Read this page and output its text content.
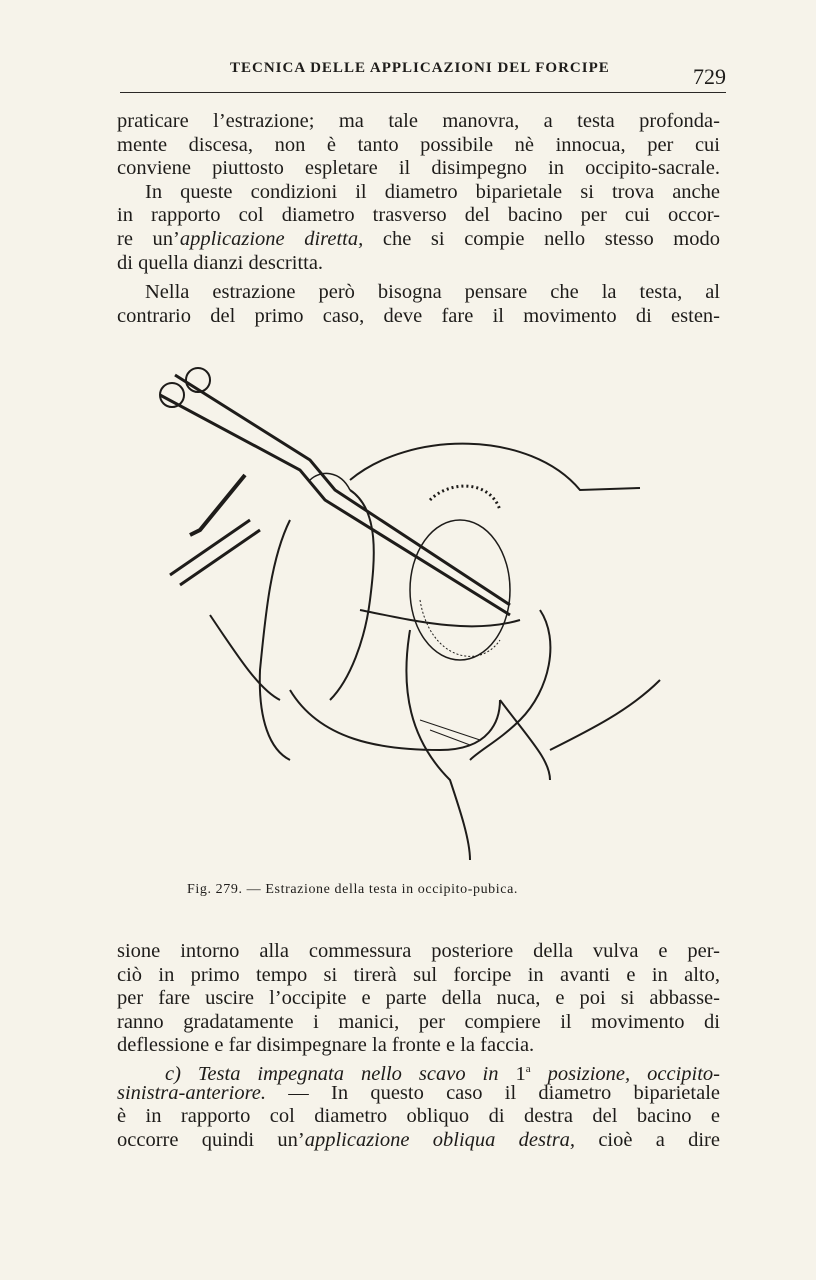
TECNICA DELLE APPLICAZIONI DEL FORCIPE	729
praticare l’estrazione; ma tale manovra, a testa profonda-
mente discesa, non è tanto possibile nè innocua, per cui
conviene piuttosto espletare il disimpegno in occipito-sacrale.
In queste condizioni il diametro biparietale si trova anche
in rapporto col diametro trasverso del bacino per cui occor-
re un’applicazione diretta, che si compie nello stesso modo
di quella dianzi descritta.
Nella estrazione però bisogna pensare che la testa, al
contrario del primo caso, deve fare il movimento di esten-
Fig. 279. — Estrazione della testa in occipito-pubica.
sione intorno alla commessura posteriore della vulva e per-
ciò in primo tempo si tirerà sul forcipe in avanti e in alto,
per fare uscire l’occipite e parte della nuca, e poi si abbasse-
ranno gradatamente i manici, per compiere il movimento di
deflessione e far disimpegnare la fronte e la faccia.
c) Testa impegnata nello scavo in 1$^a$ posizione, occipito-
sinistra-anteriore. — In questo caso il diametro biparietale
è in rapporto col diametro obliquo di destra del bacino e
occorre quindi un’applicazione obliqua destra, cioè a dire
